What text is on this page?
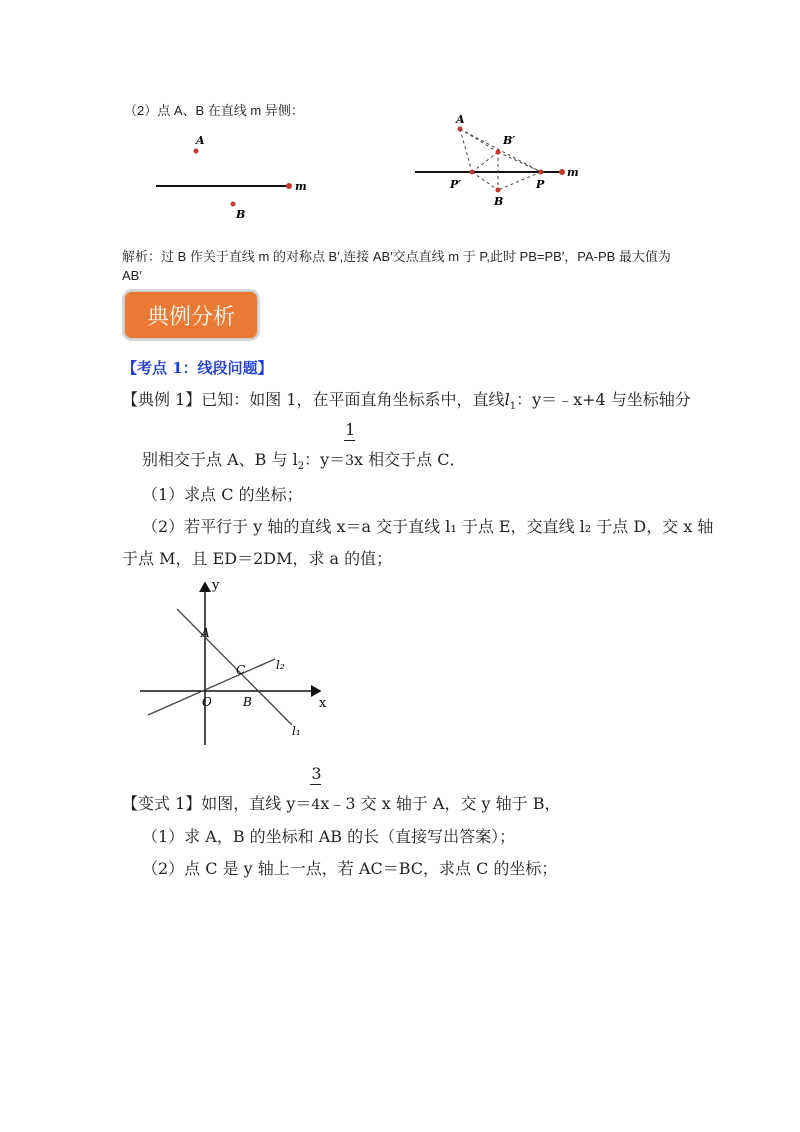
（2）点 A、B 在直线 m 异侧：
A
B
m
A
B′
P′	P
m
B
解析：过 B 作关于直线 m 的对称点 B′,连接 AB′交点直线 m 于 P,此时 PB=PB′，PA-PB 最大值为
AB′
典例分析
【考点 1：线段问题】
【典例 1】已知：如图 1，在平面直角坐标系中，直线$l_1$：y＝﹣x+4 与坐标轴分
别相交于点 A、B 与 $l_2$：$y= \frac{1}{3}x$ 相交于点 C．
（1）求点 C 的坐标；
（2）若平行于 y 轴的直线 x＝a 交于直线 l₁ 于点 E，交直线 l₂ 于点 D，交 x 轴
于点 M，且 ED＝2DM，求 a 的值；
y
x
A
C
O	B
l₂
l₁
【变式 1】如图，直线 $y= \frac{3}{4}x﹣3$ 交 x 轴于 A，交 y 轴于 B，
（1）求 A，B 的坐标和 AB 的长（直接写出答案）；
（2）点 C 是 y 轴上一点，若 AC＝BC，求点 C 的坐标；
